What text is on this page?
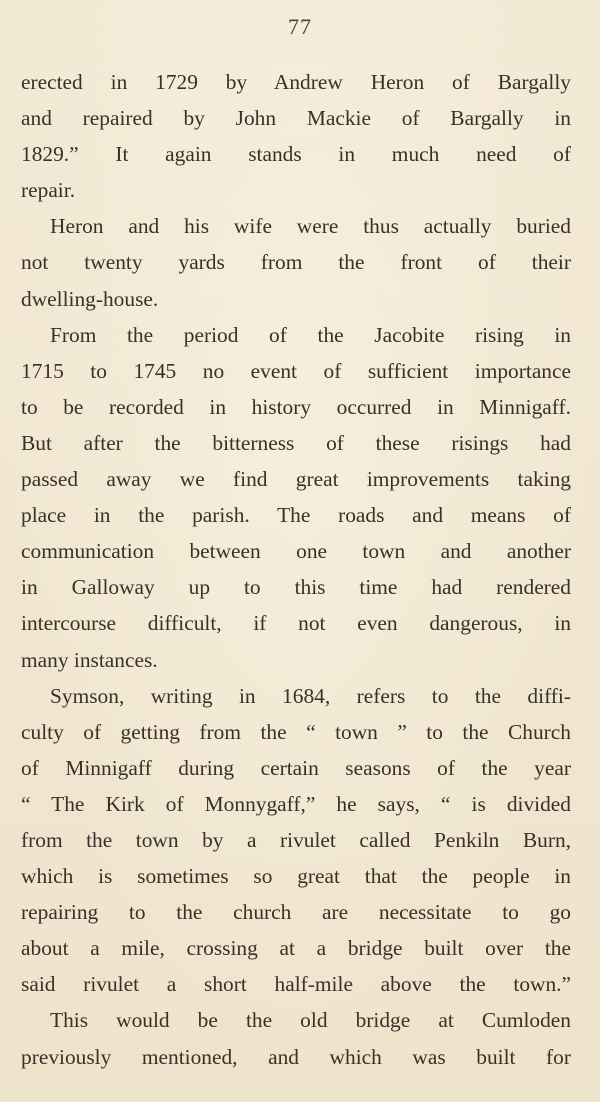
77
erected in 1729 by Andrew Heron of Bargally
and repaired by John Mackie of Bargally in
1829.” It again stands in much need of
repair.
Heron and his wife were thus actually buried
not twenty yards from the front of their
dwelling-house.
From the period of the Jacobite rising in
1715 to 1745 no event of sufficient importance
to be recorded in history occurred in Minnigaff.
But after the bitterness of these risings had
passed away we find great improvements taking
place in the parish. The roads and means of
communication between one town and another
in Galloway up to this time had rendered
intercourse difficult, if not even dangerous, in
many instances.
Symson, writing in 1684, refers to the diffi-
culty of getting from the “ town ” to the Church
of Minnigaff during certain seasons of the year
“ The Kirk of Monnygaff,” he says, “ is divided
from the town by a rivulet called Penkiln Burn,
which is sometimes so great that the people in
repairing to the church are necessitate to go
about a mile, crossing at a bridge built over the
said rivulet a short half-mile above the town.”
This would be the old bridge at Cumloden
previously mentioned, and which was built for
